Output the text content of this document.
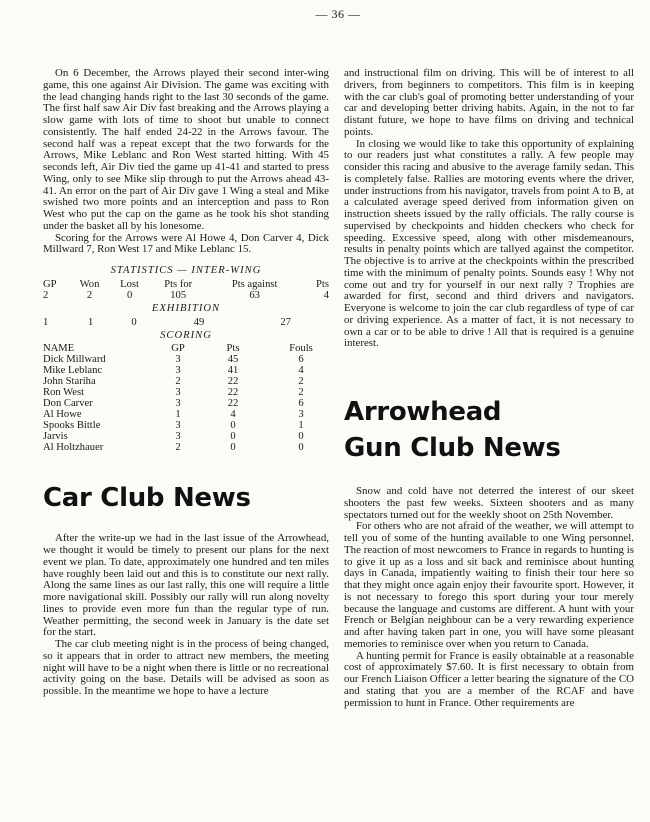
— 36 —

On 6 December, the Arrows played their second inter-wing game, this one against Air Division. The game was exciting with the lead changing hands right to the last 30 seconds of the game. The first half saw Air Div fast breaking and the Arrows playing a slow game with lots of time to shoot but unable to connect consistently. The half ended 24-22 in the Arrows favour. The second half was a repeat except that the two forwards for the Arrows, Mike Leblanc and Ron West started hitting. With 45 seconds left, Air Div tied the game up 41-41 and started to press Wing, only to see Mike slip through to put the Arrows ahead 43-41. An error on the part of Air Div gave 1 Wing a steal and Mike swished two more points and an interception and pass to Ron West who put the cap on the game as he took his shot standing under the basket all by his lonesome.

Scoring for the Arrows were Al Howe 4, Don Carver 4, Dick Millward 7, Ron West 17 and Mike Leblanc 15.

STATISTICS — INTER-WING
GP	Won	Lost	Pts for	Pts against	Pts
2	2	0	105	63	4
EXHIBITION
1	1	0	49	27	
SCORING
NAME	GP	Pts	Fouls
Dick Millward	3	45	6
Mike Leblanc	3	41	4
John Stariha	2	22	2
Ron West	3	22	2
Don Carver	3	22	6
Al Howe	1	4	3
Spooks Bittle	3	0	1
Jarvis	3	0	0
Al Holtzhauer	2	0	0
Car Club News

After the write-up we had in the last issue of the Arrowhead, we thought it would be timely to present our plans for the next event we plan. To date, approximately one hundred and ten miles have roughly been laid out and this is to constitute our next rally. Along the same lines as our last rally, this one will require a little more navigational skill. Possibly our rally will run along novelty lines to provide even more fun than the regular type of run. Weather permitting, the second week in January is the date set for the start.

The car club meeting night is in the process of being changed, so it appears that in order to attract new members, the meeting night will have to be a night when there is little or no recreational activity going on the base. Details will be advised as soon as possible. In the meantime we hope to have a lecture

and instructional film on driving. This will be of interest to all drivers, from beginners to competitors. This film is in keeping with the car club's goal of promoting better understanding of your car and developing better driving habits. Again, in the not to far distant future, we hope to have films on driving and technical points.

In closing we would like to take this opportunity of explaining to our readers just what constitutes a rally. A few people may consider this racing and abusive to the average family sedan. This is completely false. Rallies are motoring events where the driver, under instructions from his navigator, travels from point A to B, at a calculated average speed derived from information given on instruction sheets issued by the rally officials. The rally course is supervised by checkpoints and hidden checkers who check for speeding. Excessive speed, along with other misdemeanours, results in penalty points which are tallyed against the competitor. The objective is to arrive at the checkpoints within the prescribed time with the minimum of penalty points. Sounds easy ! Why not come out and try for yourself in our next rally ? Trophies are awarded for first, second and third drivers and navigators. Everyone is welcome to join the car club regardless of type of car or driving experience. As a matter of fact, it is not necessary to own a car or to be able to drive ! All that is required is a genuine interest.

Arrowhead
Gun Club News

Snow and cold have not deterred the interest of our skeet shooters the past few weeks. Sixteen shooters and as many spectators turned out for the weekly shoot on 25th November.

For others who are not afraid of the weather, we will attempt to tell you of some of the hunting available to one Wing personnel. The reaction of most newcomers to France in regards to hunting is to give it up as a loss and sit back and reminisce about hunting days in Canada, impatiently waiting to finish their tour here so that they might once again enjoy their favourite sport. However, it is not necessary to forego this sport during your tour merely because the language and customs are different. A hunt with your French or Belgian neighbour can be a very rewarding experience and after having taken part in one, you will have some pleasant memories to reminisce over when you return to Canada.

A hunting permit for France is easily obtainable at a reasonable cost of approximately $7.60. It is first necessary to obtain from our French Liaison Officer a letter bearing the signature of the CO and stating that you are a member of the RCAF and have permission to hunt in France. Other requirements are
